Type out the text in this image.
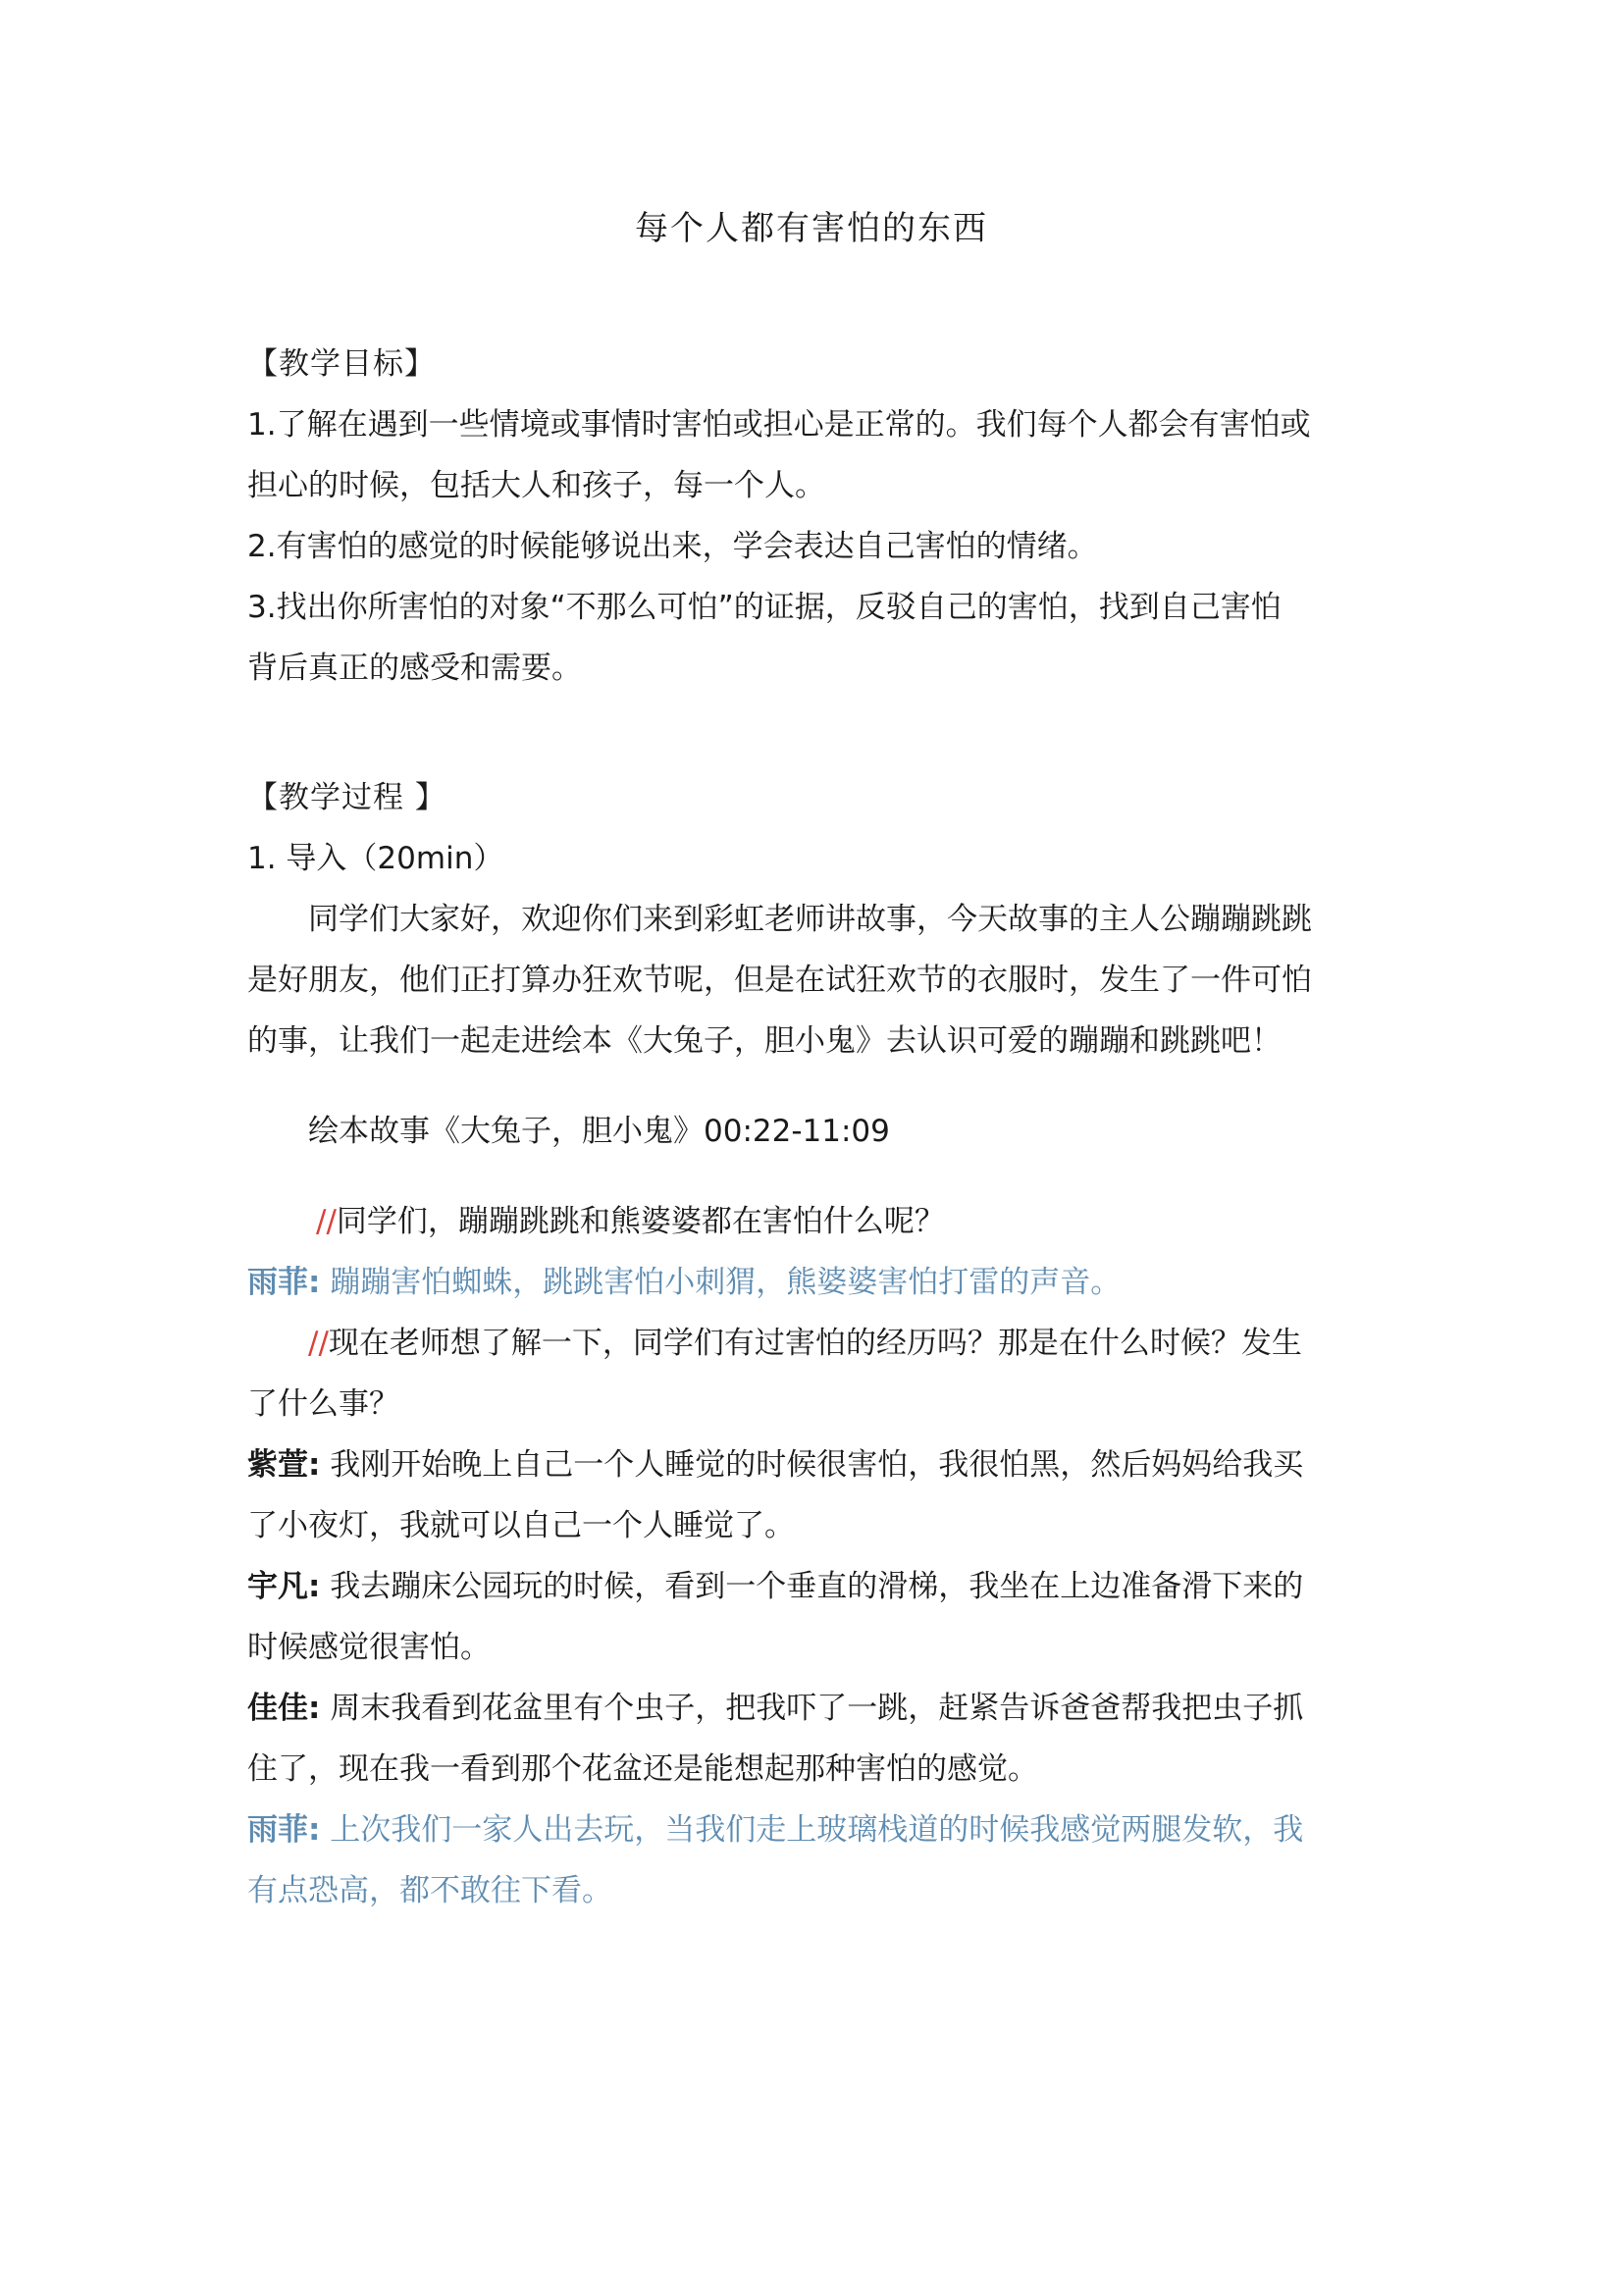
每个人都有害怕的东西
【教学目标】
1.了解在遇到一些情境或事情时害怕或担心是正常的。我们每个人都会有害怕或
担心的时候，包括大人和孩子，每一个人。
2.有害怕的感觉的时候能够说出来，学会表达自己害怕的情绪。
3.找出你所害怕的对象“不那么可怕”的证据，反驳自己的害怕，找到自己害怕
背后真正的感受和需要。
【教学过程 】
1. 导入（20min）
同学们大家好，欢迎你们来到彩虹老师讲故事，今天故事的主人公蹦蹦跳跳
是好朋友，他们正打算办狂欢节呢，但是在试狂欢节的衣服时，发生了一件可怕
的事，让我们一起走进绘本《大兔子，胆小鬼》去认识可爱的蹦蹦和跳跳吧！
绘本故事《大兔子，胆小鬼》00:22-11:09
//同学们，蹦蹦跳跳和熊婆婆都在害怕什么呢？
雨菲: 蹦蹦害怕蜘蛛，跳跳害怕小刺猬，熊婆婆害怕打雷的声音。
//现在老师想了解一下，同学们有过害怕的经历吗？那是在什么时候？发生
了什么事？
紫萱: 我刚开始晚上自己一个人睡觉的时候很害怕，我很怕黑，然后妈妈给我买
了小夜灯，我就可以自己一个人睡觉了。
宇凡: 我去蹦床公园玩的时候，看到一个垂直的滑梯，我坐在上边准备滑下来的
时候感觉很害怕。
佳佳: 周末我看到花盆里有个虫子，把我吓了一跳，赶紧告诉爸爸帮我把虫子抓
住了，现在我一看到那个花盆还是能想起那种害怕的感觉。
雨菲: 上次我们一家人出去玩，当我们走上玻璃栈道的时候我感觉两腿发软，我
有点恐高，都不敢往下看。
